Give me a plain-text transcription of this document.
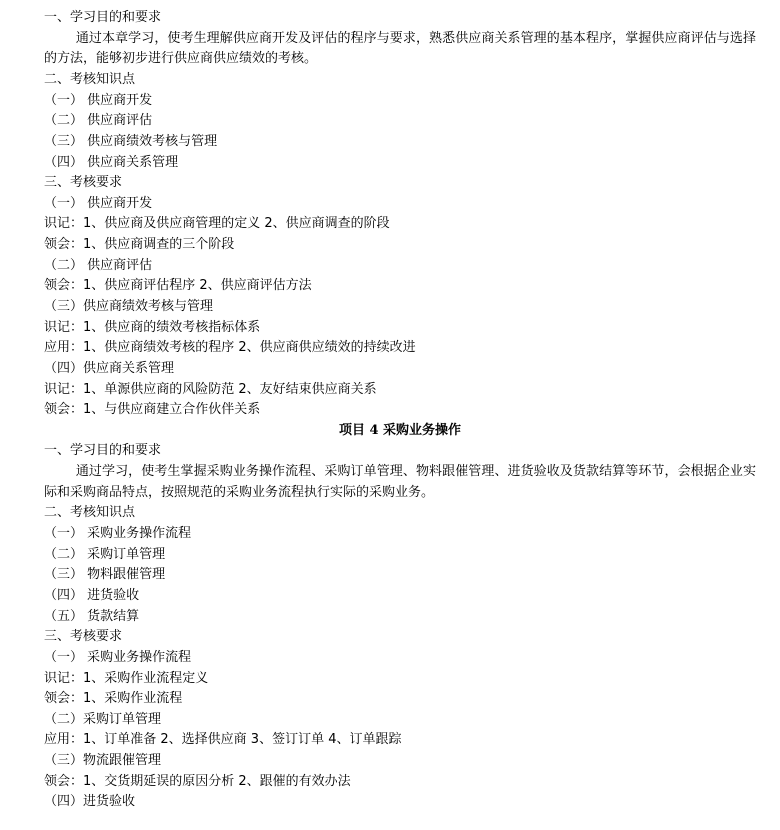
一、学习目的和要求
通过本章学习，使考生理解供应商开发及评估的程序与要求，熟悉供应商关系管理的基本程序，掌握供应商评估与选择的方法，能够初步进行供应商供应绩效的考核。
二、考核知识点
（一） 供应商开发
（二） 供应商评估
（三） 供应商绩效考核与管理
（四） 供应商关系管理
三、考核要求
（一） 供应商开发
识记：1、供应商及供应商管理的定义 2、供应商调查的阶段
领会：1、供应商调查的三个阶段
（二） 供应商评估
领会：1、供应商评估程序 2、供应商评估方法
（三）供应商绩效考核与管理
识记：1、供应商的绩效考核指标体系
应用：1、供应商绩效考核的程序 2、供应商供应绩效的持续改进
（四）供应商关系管理
识记：1、单源供应商的风险防范 2、友好结束供应商关系
领会：1、与供应商建立合作伙伴关系
项目 4 采购业务操作
一、学习目的和要求
通过学习，使考生掌握采购业务操作流程、采购订单管理、物料跟催管理、进货验收及货款结算等环节，会根据企业实际和采购商品特点，按照规范的采购业务流程执行实际的采购业务。
二、考核知识点
（一） 采购业务操作流程
（二） 采购订单管理
（三） 物料跟催管理
（四） 进货验收
（五） 货款结算
三、考核要求
（一） 采购业务操作流程
识记：1、采购作业流程定义
领会：1、采购作业流程
（二）采购订单管理
应用：1、订单准备 2、选择供应商 3、签订订单 4、订单跟踪
（三）物流跟催管理
领会：1、交货期延误的原因分析 2、跟催的有效办法
（四）进货验收
